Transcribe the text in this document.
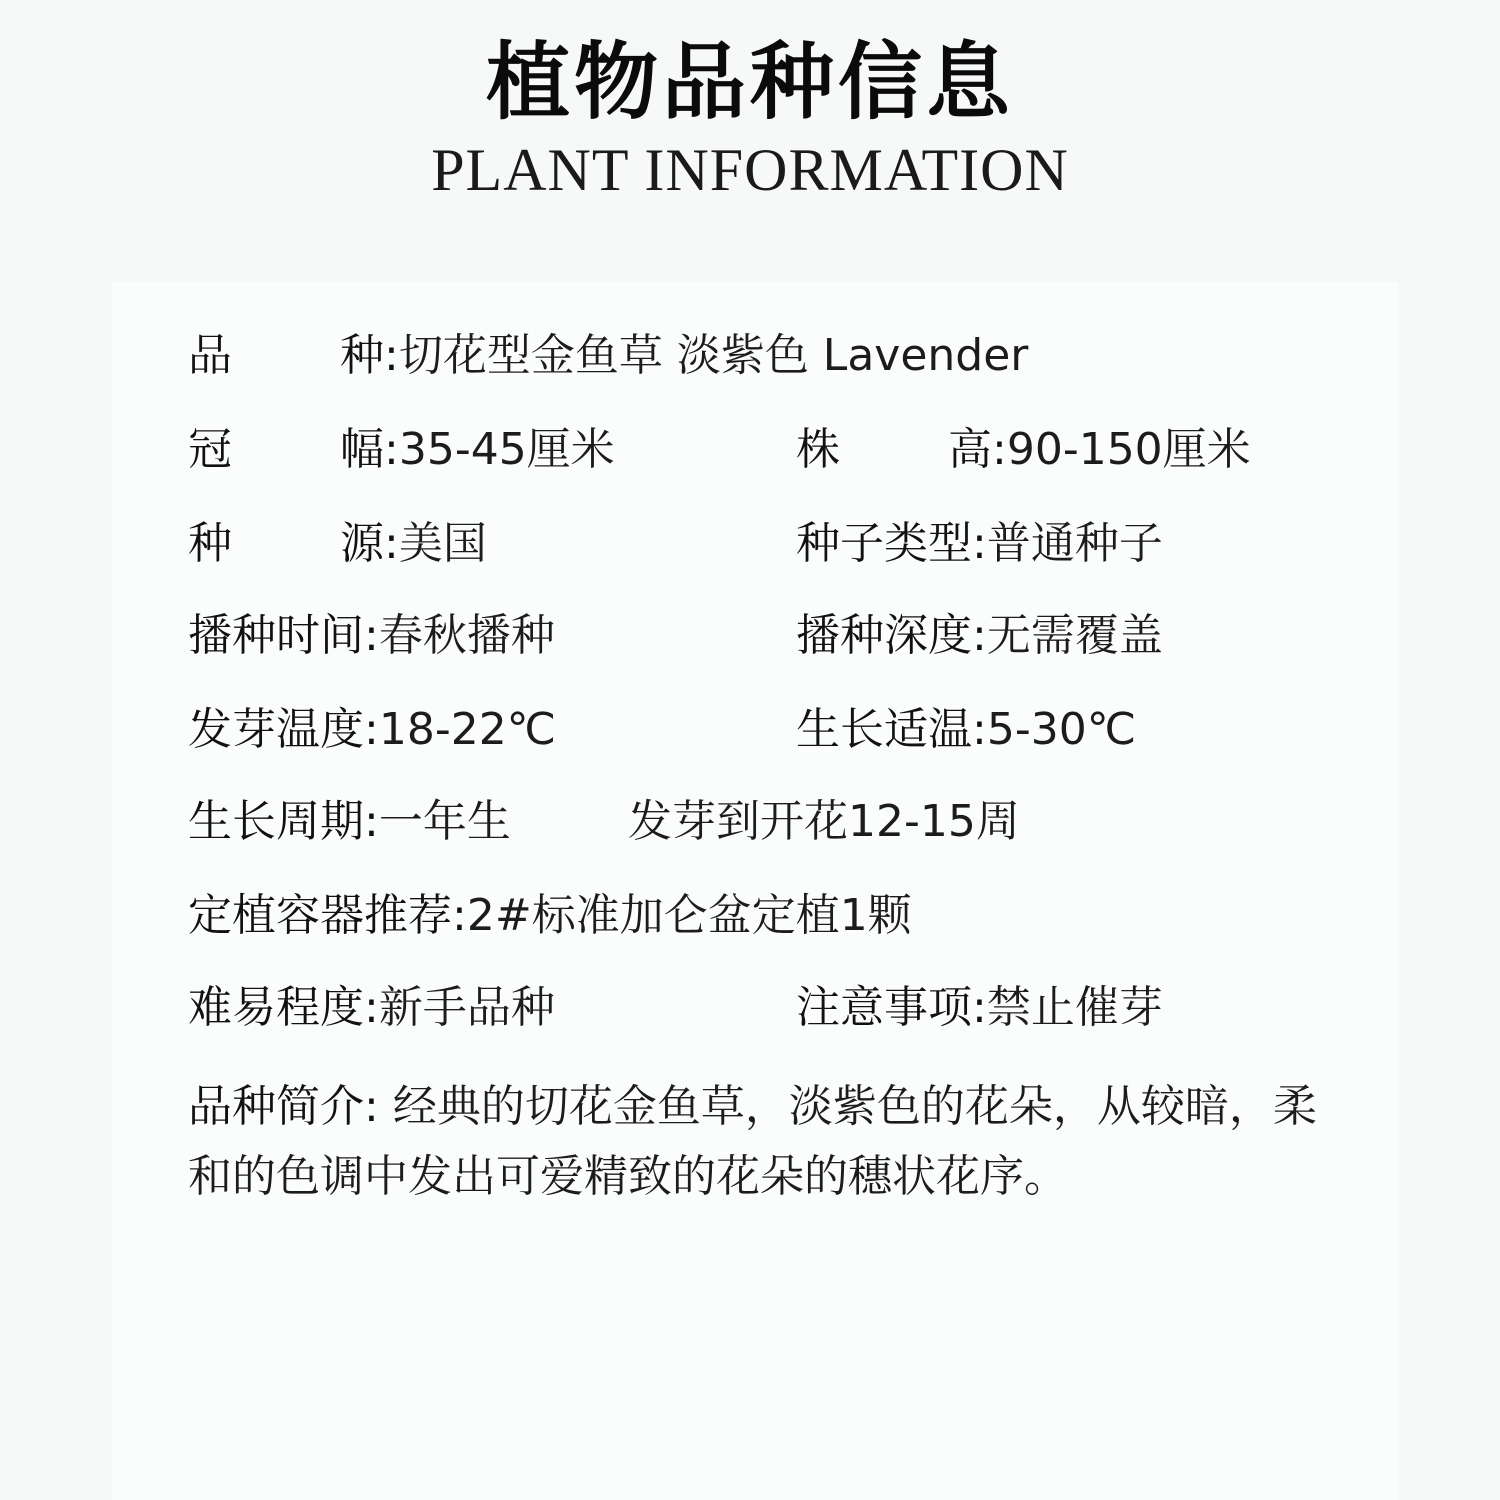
植物品种信息
PLANT INFORMATION
品 种 :切花型金鱼草 淡紫色 Lavender
冠 幅 :35-45厘米	株 高 :90-150厘米
种 源 :美国	种子类型:普通种子
播种时间:春秋播种	播种深度:无需覆盖
发芽温度:18-22℃	生长适温:5-30℃
生长周期:一年生	发芽到开花12-15周
定植容器推荐:2#标准加仑盆定植1颗
难易程度:新手品种	注意事项:禁止催芽
品种简介: 经典的切花金鱼草，淡紫色的花朵，从较暗，柔和的色调中发出可爱精致的花朵的穗状花序。
